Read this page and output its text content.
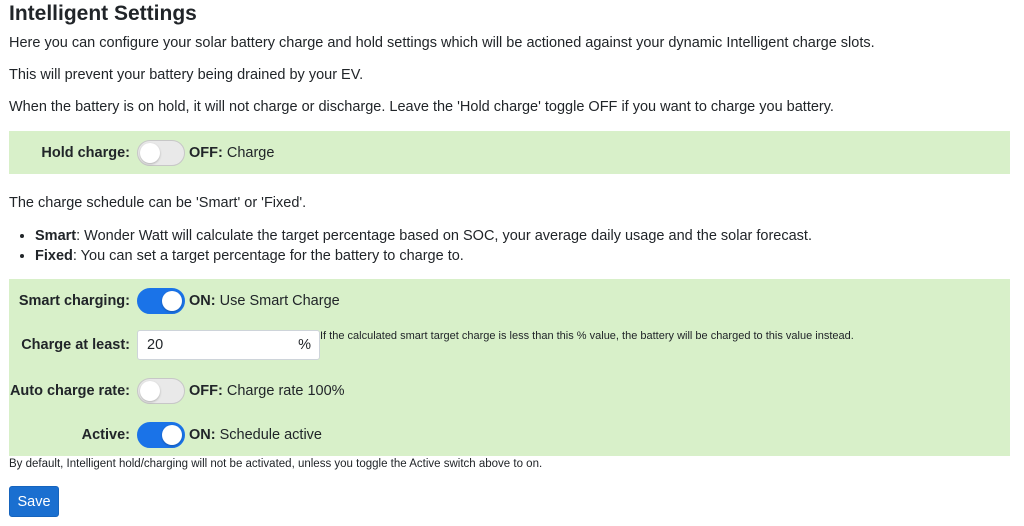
Intelligent Settings

Here you can configure your solar battery charge and hold settings which will be actioned against your dynamic Intelligent charge slots.

This will prevent your battery being drained by your EV.

When the battery is on hold, it will not charge or discharge. Leave the 'Hold charge' toggle OFF if you want to charge you battery.

Hold charge:	OFF: Charge

The charge schedule can be 'Smart' or 'Fixed'.

• Smart: Wonder Watt will calculate the target percentage based on SOC, your average daily usage and the solar forecast.
• Fixed: You can set a target percentage for the battery to charge to.
Smart charging:	ON: Use Smart Charge
Charge at least:
20	%
If the calculated smart target charge is less than this % value, the battery will be charged to this value instead.
Auto charge rate:	OFF: Charge rate 100%
Active:	ON: Schedule active
By default, Intelligent hold/charging will not be activated, unless you toggle the Active switch above to on.
Save
